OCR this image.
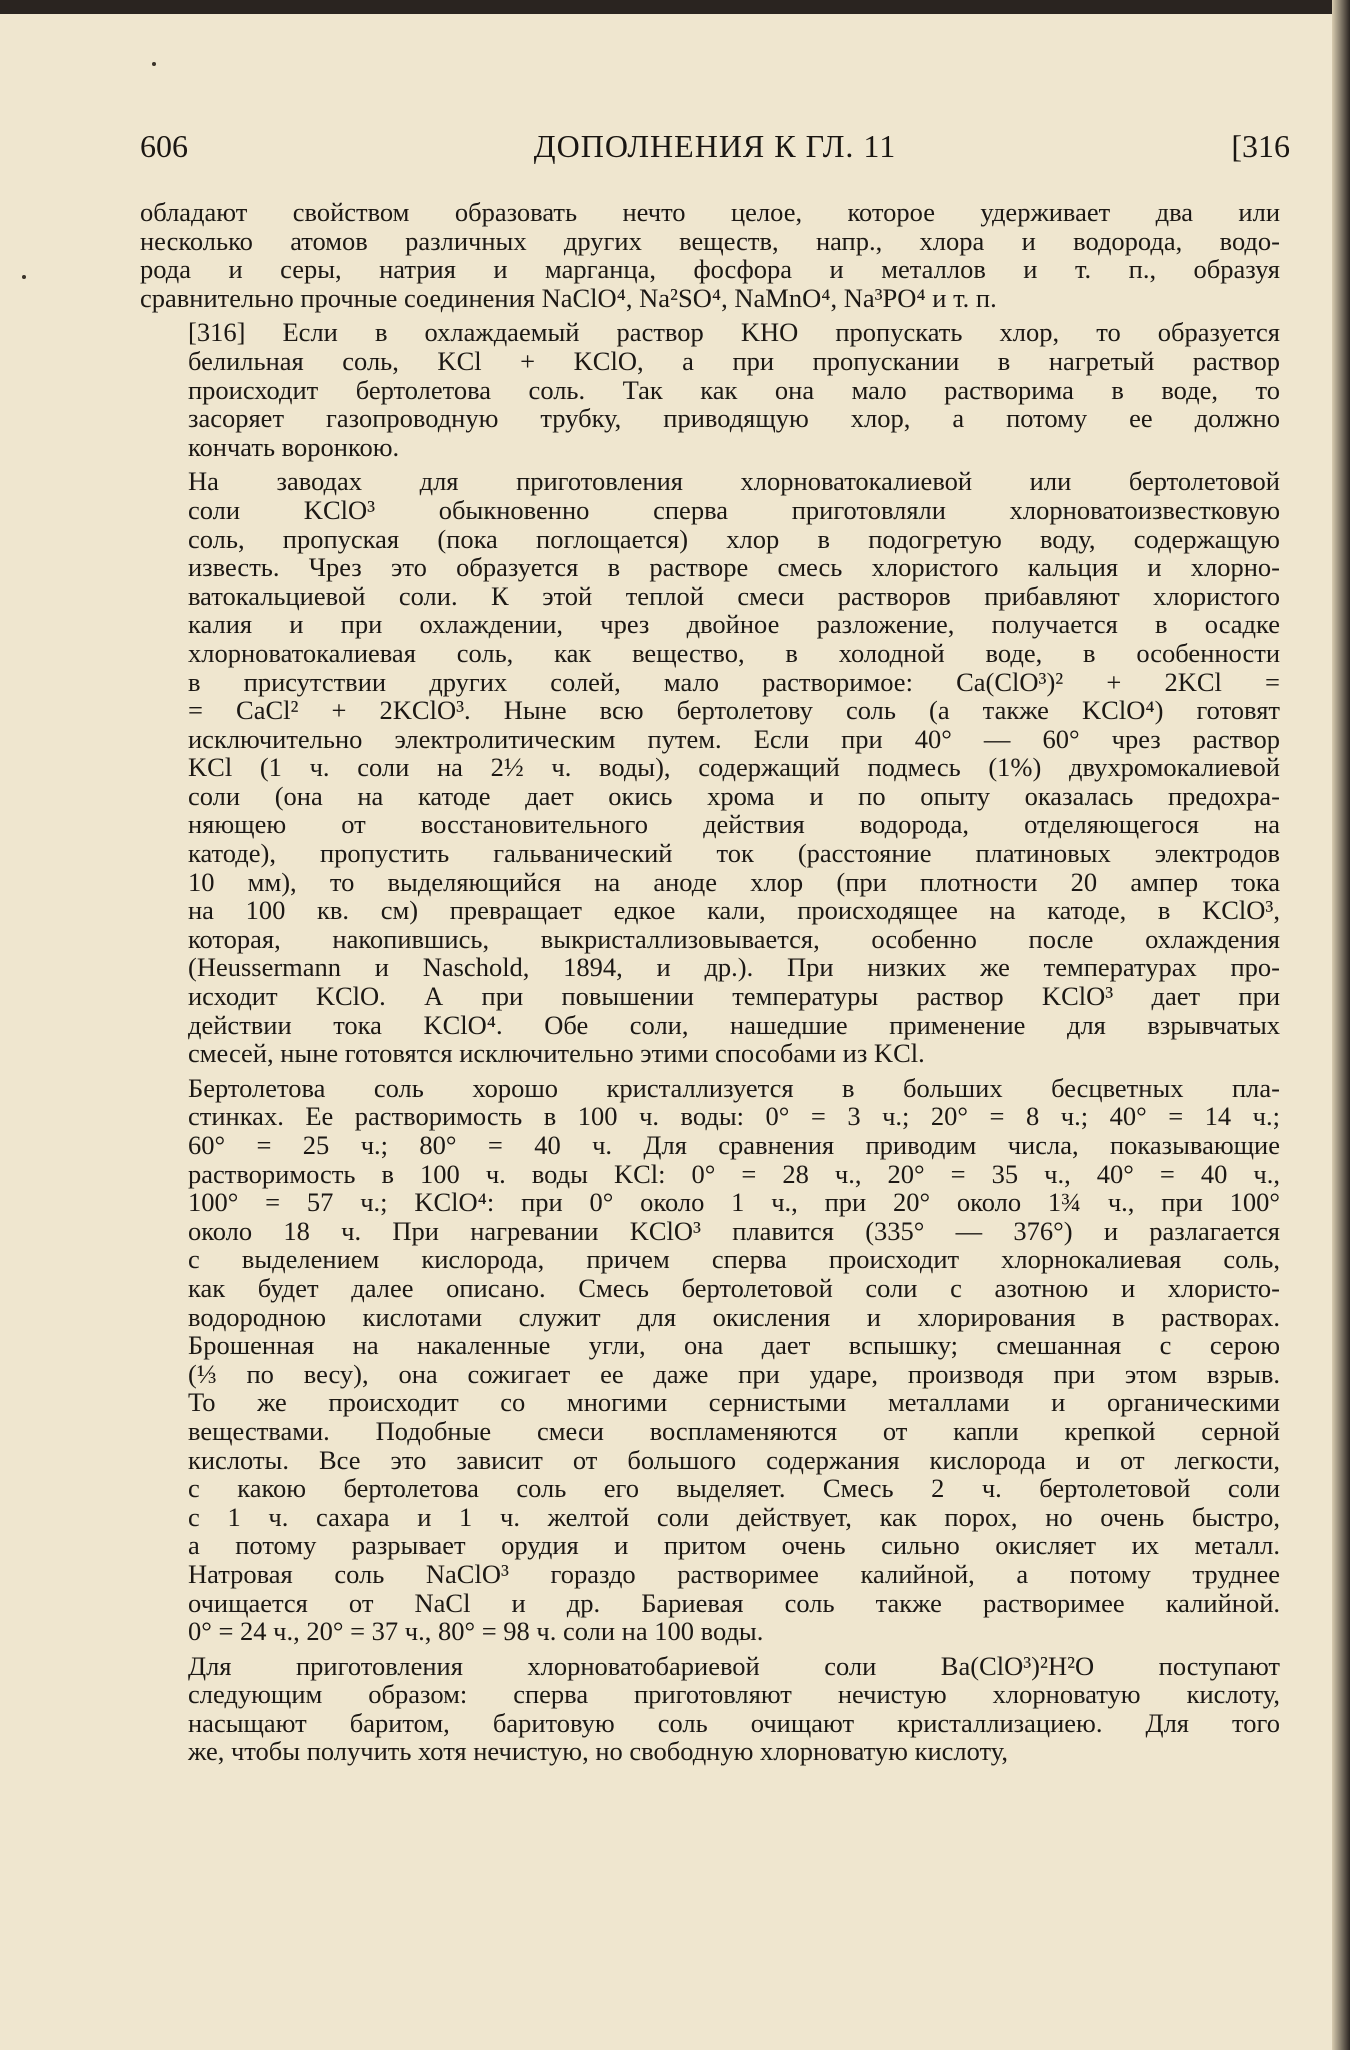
606	ДОПОЛНЕНИЯ К ГЛ. 11	[316

обладают свойством образовать нечто целое, которое удерживает два или
несколько атомов различных других веществ, напр., хлора и водорода, водо-
рода и серы, натрия и марганца, фосфора и металлов и т. п., образуя
сравнительно прочные соединения NaClO⁴, Na²SO⁴, NaMnO⁴, Na³PO⁴ и т. п.

[316] Если в охлаждаемый раствор KHO пропускать хлор, то образуется
белильная соль, KCl + KClO, а при пропускании в нагретый раствор
происходит бертолетова соль. Так как она мало растворима в воде, то
засоряет газопроводную трубку, приводящую хлор, а потому ее должно
кончать воронкою.

На заводах для приготовления хлорноватокалиевой или бертолетовой
соли KClO³ обыкновенно сперва приготовляли хлорноватоизвестковую
соль, пропуская (пока поглощается) хлор в подогретую воду, содержащую
известь. Чрез это образуется в растворе смесь хлористого кальция и хлорно-
ватокальциевой соли. К этой теплой смеси растворов прибавляют хлористого
калия и при охлаждении, чрез двойное разложение, получается в осадке
хлорноватокалиевая соль, как вещество, в холодной воде, в особенности
в присутствии других солей, мало растворимое: Ca(ClO³)² + 2KCl =
= CaCl² + 2KClO³. Ныне всю бертолетову соль (а также KClO⁴) готовят
исключительно электролитическим путем. Если при 40° — 60° чрез раствор
KCl (1 ч. соли на 2½ ч. воды), содержащий подмесь (1%) двухромокалиевой
соли (она на катоде дает окись хрома и по опыту оказалась предохра-
няющею от восстановительного действия водорода, отделяющегося на
катоде), пропустить гальванический ток (расстояние платиновых электродов
10 мм), то выделяющийся на аноде хлор (при плотности 20 ампер тока
на 100 кв. см) превращает едкое кали, происходящее на катоде, в KClO³,
которая, накопившись, выкристаллизовывается, особенно после охлаждения
(Heussermann и Naschold, 1894, и др.). При низких же температурах про-
исходит KClO. А при повышении температуры раствор KClO³ дает при
действии тока KClO⁴. Обе соли, нашедшие применение для взрывчатых
смесей, ныне готовятся исключительно этими способами из KCl.

Бертолетова соль хорошо кристаллизуется в больших бесцветных пла-
стинках. Ее растворимость в 100 ч. воды: 0° = 3 ч.; 20° = 8 ч.; 40° = 14 ч.;
60° = 25 ч.; 80° = 40 ч. Для сравнения приводим числа, показывающие
растворимость в 100 ч. воды KCl: 0° = 28 ч., 20° = 35 ч., 40° = 40 ч.,
100° = 57 ч.; KClO⁴: при 0° около 1 ч., при 20° около 1¾ ч., при 100°
около 18 ч. При нагревании KClO³ плавится (335° — 376°) и разлагается
с выделением кислорода, причем сперва происходит хлорнокалиевая соль,
как будет далее описано. Смесь бертолетовой соли с азотною и хлористо-
водородною кислотами служит для окисления и хлорирования в растворах.
Брошенная на накаленные угли, она дает вспышку; смешанная с серою
(⅓ по весу), она сожигает ее даже при ударе, производя при этом взрыв.
То же происходит со многими сернистыми металлами и органическими
веществами. Подобные смеси воспламеняются от капли крепкой серной
кислоты. Все это зависит от большого содержания кислорода и от легкости,
с какою бертолетова соль его выделяет. Смесь 2 ч. бертолетовой соли
с 1 ч. сахара и 1 ч. желтой соли действует, как порох, но очень быстро,
а потому разрывает орудия и притом очень сильно окисляет их металл.
Натровая соль NaClO³ гораздо растворимее калийной, а потому труднее
очищается от NaCl и др. Бариевая соль также растворимее калийной.
0° = 24 ч., 20° = 37 ч., 80° = 98 ч. соли на 100 воды.

Для приготовления хлорноватобариевой соли Ba(ClO³)²H²O поступают
следующим образом: сперва приготовляют нечистую хлорноватую кислоту,
насыщают баритом, баритовую соль очищают кристаллизациею. Для того
же, чтобы получить хотя нечистую, но свободную хлорноватую кислоту,
